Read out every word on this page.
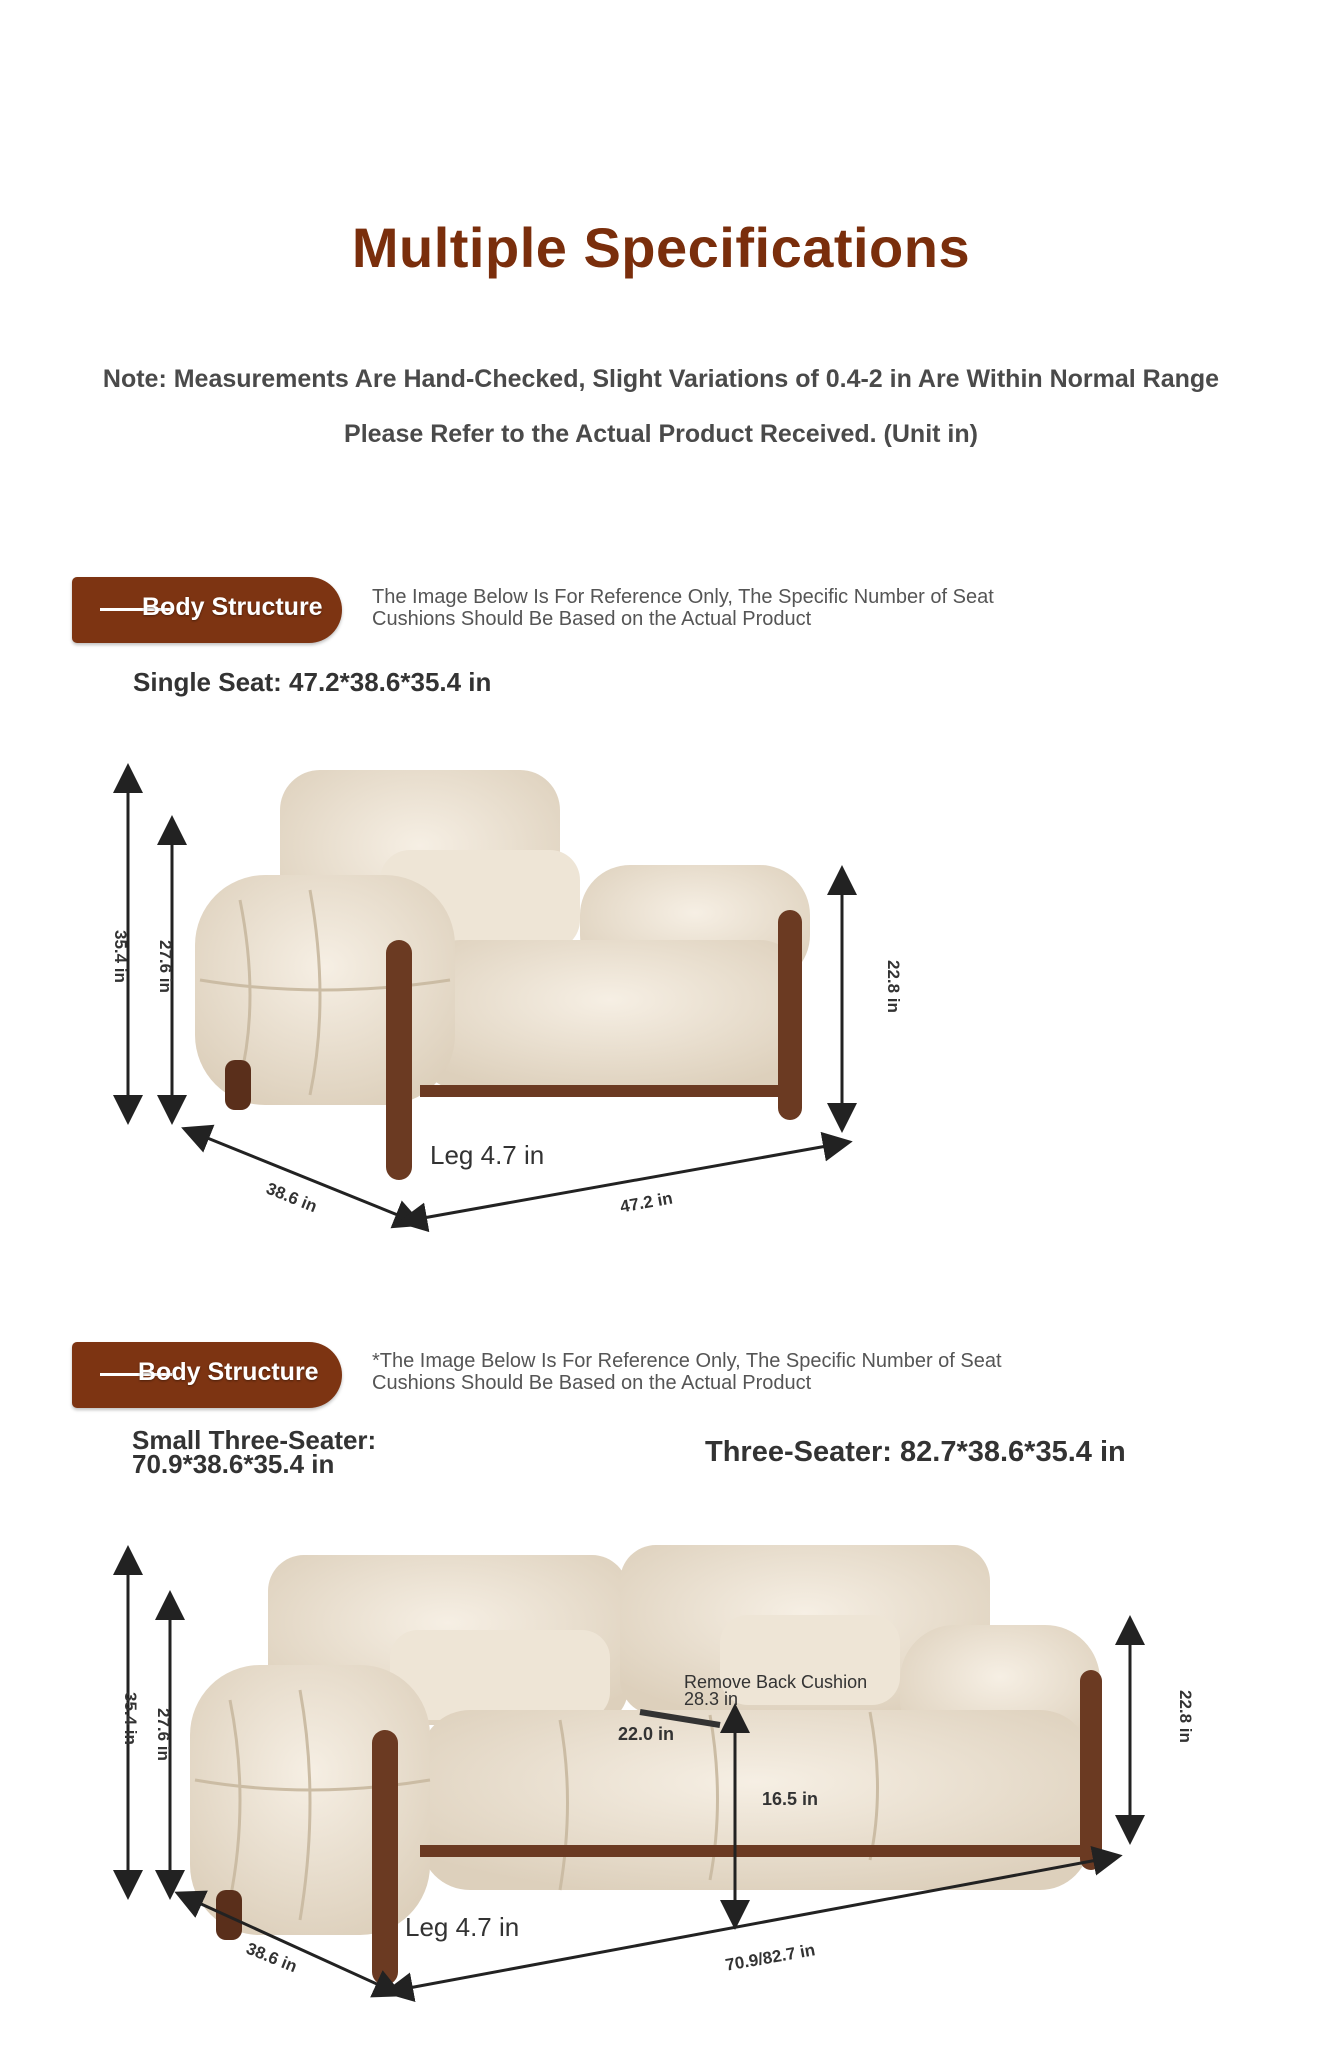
Multiple Specifications
Note: Measurements Are Hand-Checked, Slight Variations of 0.4-2 in Are Within Normal Range
Please Refer to the Actual Product Received. (Unit in)
Body Structure The Image Below Is For Reference Only, The Specific Number of Seat Cushions Should Be Based on the Actual Product
Single Seat: 47.2*38.6*35.4 in
35.4 in 27.6 in	22.8 in
38.6 in	47.2 in
Leg 4.7 in
Body Structure	*The Image Below Is For Reference Only, The Specific Number of Seat Cushions Should Be Based on the Actual Product
Small Three-Seater:
70.9*38.6*35.4 in	Three-Seater: 82.7*38.6*35.4 in
35.4 in 27.6 in	22.8 in
38.6 in	70.9/82.7 in
Leg 4.7 in
Remove Back Cushion
28.3 in
22.0 in
16.5 in
